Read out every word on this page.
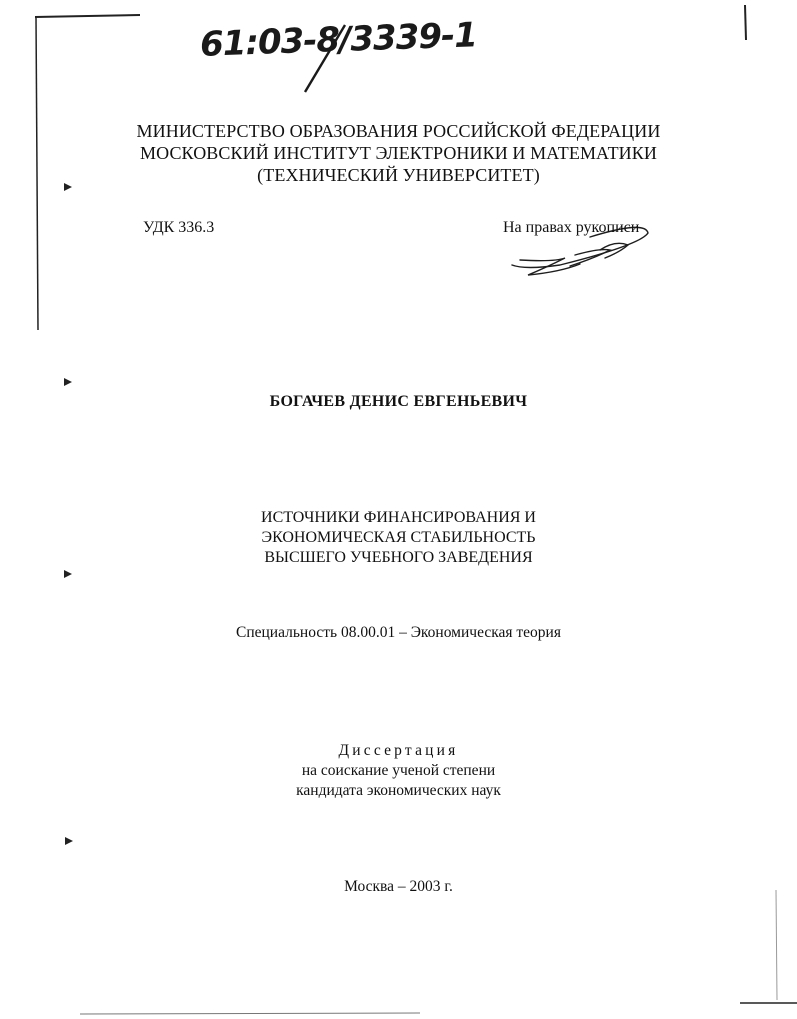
61:03-8/3339-1
МИНИСТЕРСТВО ОБРАЗОВАНИЯ РОССИЙСКОЙ ФЕДЕРАЦИИ
МОСКОВСКИЙ ИНСТИТУТ ЭЛЕКТРОНИКИ И МАТЕМАТИКИ
(ТЕХНИЧЕСКИЙ УНИВЕРСИТЕТ)
УДК 336.3	На правах рукописи
БОГАЧЕВ ДЕНИС ЕВГЕНЬЕВИЧ
ИСТОЧНИКИ ФИНАНСИРОВАНИЯ И
ЭКОНОМИЧЕСКАЯ СТАБИЛЬНОСТЬ
ВЫСШЕГО УЧЕБНОГО ЗАВЕДЕНИЯ
Специальность 08.00.01 – Экономическая теория
Диссертация
на соискание ученой степени
кандидата экономических наук
Москва – 2003 г.
